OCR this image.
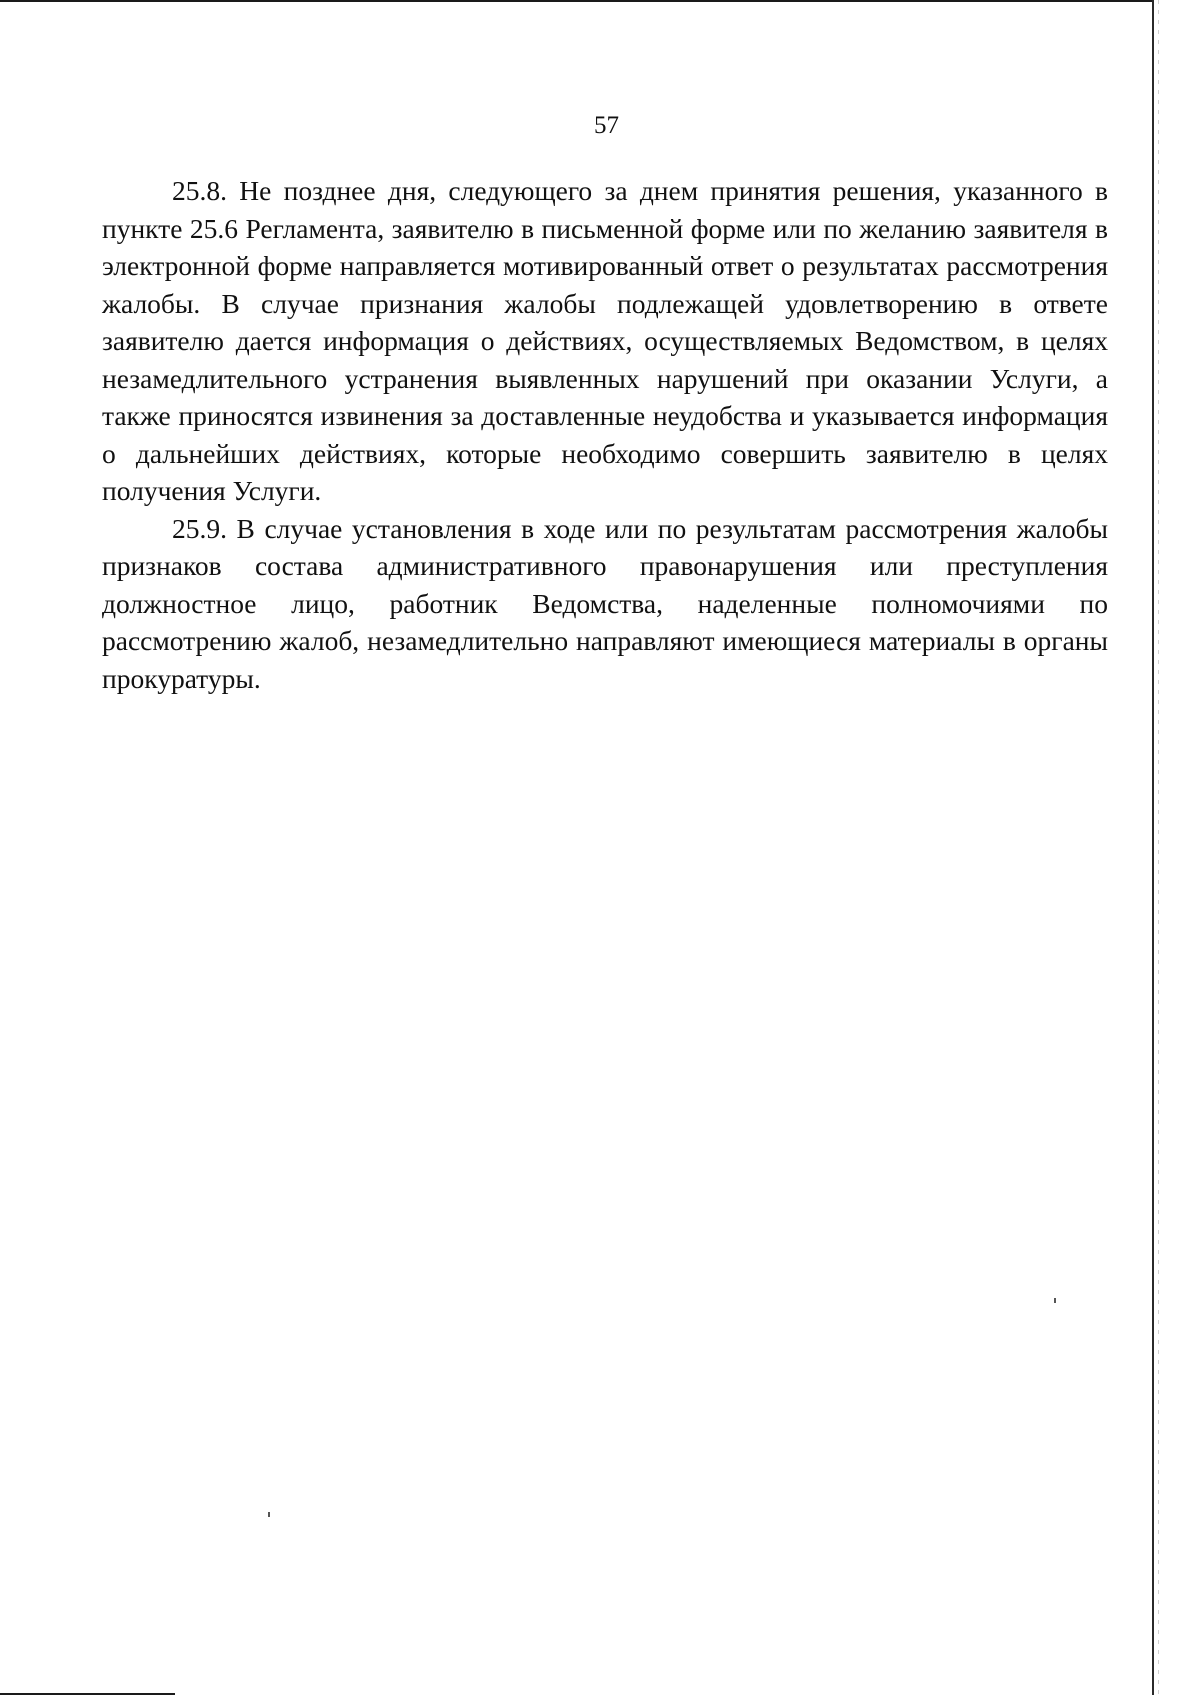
57

25.8. Не позднее дня, следующего за днем принятия решения, указанного в пункте 25.6 Регламента, заявителю в письменной форме или по желанию заявителя в электронной форме направляется мотивированный ответ о результатах рассмотрения жалобы. В случае признания жалобы подлежащей удовлетворению в ответе заявителю дается информация о действиях, осуществляемых Ведомством, в целях незамедлительного устранения выявленных нарушений при оказании Услуги, а также приносятся извинения за доставленные неудобства и указывается информация о дальнейших действиях, которые необходимо совершить заявителю в целях получения Услуги.

25.9. В случае установления в ходе или по результатам рассмотрения жалобы признаков состава административного правонарушения или преступления должностное лицо, работник Ведомства, наделенные полномочиями по рассмотрению жалоб, незамедлительно направляют имеющиеся материалы в органы прокуратуры.
